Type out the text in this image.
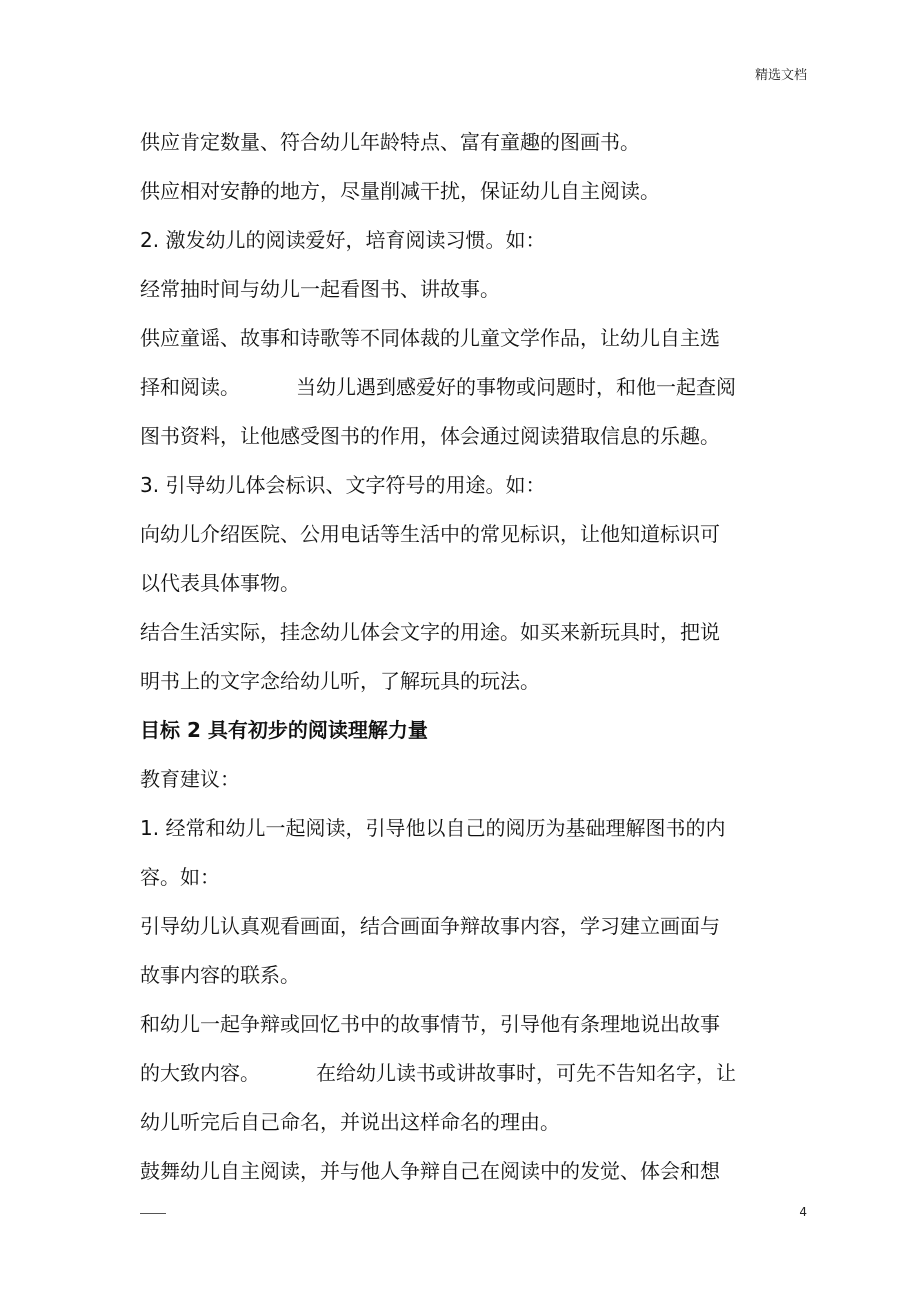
精选文档

供应肯定数量、符合幼儿年龄特点、富有童趣的图画书。

供应相对安静的地方，尽量削减干扰，保证幼儿自主阅读。

2. 激发幼儿的阅读爱好，培育阅读习惯。如：

经常抽时间与幼儿一起看图书、讲故事。

供应童谣、故事和诗歌等不同体裁的儿童文学作品，让幼儿自主选

择和阅读。	当幼儿遇到感爱好的事物或问题时，和他一起查阅

图书资料，让他感受图书的作用，体会通过阅读猎取信息的乐趣。

3. 引导幼儿体会标识、文字符号的用途。如：

向幼儿介绍医院、公用电话等生活中的常见标识，让他知道标识可

以代表具体事物。

结合生活实际，挂念幼儿体会文字的用途。如买来新玩具时，把说

明书上的文字念给幼儿听，了解玩具的玩法。

目标 2 具有初步的阅读理解力量

教育建议：

1. 经常和幼儿一起阅读，引导他以自己的阅历为基础理解图书的内

容。如：

引导幼儿认真观看画面，结合画面争辩故事内容，学习建立画面与

故事内容的联系。

和幼儿一起争辩或回忆书中的故事情节，引导他有条理地说出故事

的大致内容。	在给幼儿读书或讲故事时，可先不告知名字，让

幼儿听完后自己命名，并说出这样命名的理由。

鼓舞幼儿自主阅读，并与他人争辩自己在阅读中的发觉、体会和想

4
